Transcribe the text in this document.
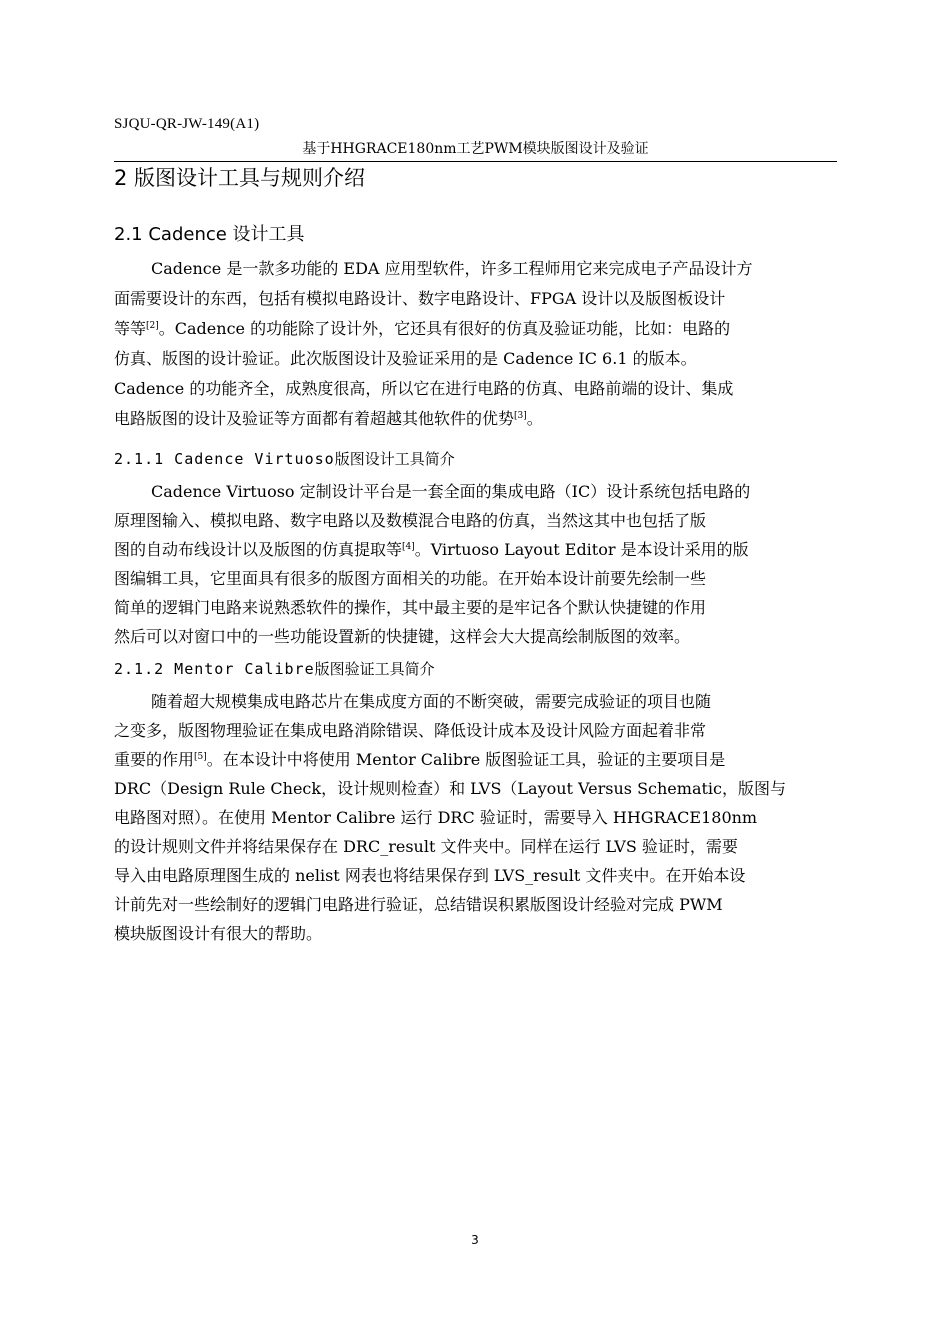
SJQU-QR-JW-149(A1)
基于HHGRACE180nm工艺PWM模块版图设计及验证
2 版图设计工具与规则介绍
2.1 Cadence 设计工具
Cadence 是一款多功能的 EDA 应用型软件，许多工程师用它来完成电子产品设计方
面需要设计的东西，包括有模拟电路设计、数字电路设计、FPGA 设计以及版图板设计
等等[2]。Cadence 的功能除了设计外，它还具有很好的仿真及验证功能，比如：电路的
仿真、版图的设计验证。此次版图设计及验证采用的是 Cadence IC 6.1 的版本。
Cadence 的功能齐全，成熟度很高，所以它在进行电路的仿真、电路前端的设计、集成
电路版图的设计及验证等方面都有着超越其他软件的优势[3]。
2.1.1 Cadence Virtuoso版图设计工具简介
Cadence Virtuoso 定制设计平台是一套全面的集成电路（IC）设计系统包括电路的
原理图输入、模拟电路、数字电路以及数模混合电路的仿真，当然这其中也包括了版
图的自动布线设计以及版图的仿真提取等[4]。Virtuoso Layout Editor 是本设计采用的版
图编辑工具，它里面具有很多的版图方面相关的功能。在开始本设计前要先绘制一些
简单的逻辑门电路来说熟悉软件的操作，其中最主要的是牢记各个默认快捷键的作用
然后可以对窗口中的一些功能设置新的快捷键，这样会大大提高绘制版图的效率。
2.1.2 Mentor Calibre版图验证工具简介
随着超大规模集成电路芯片在集成度方面的不断突破，需要完成验证的项目也随
之变多，版图物理验证在集成电路消除错误、降低设计成本及设计风险方面起着非常
重要的作用[5]。在本设计中将使用 Mentor Calibre 版图验证工具，验证的主要项目是
DRC（Design Rule Check，设计规则检查）和 LVS（Layout Versus Schematic，版图与
电路图对照）。在使用 Mentor Calibre 运行 DRC 验证时，需要导入 HHGRACE180nm
的设计规则文件并将结果保存在 DRC_result 文件夹中。同样在运行 LVS 验证时，需要
导入由电路原理图生成的 nelist 网表也将结果保存到 LVS_result 文件夹中。在开始本设
计前先对一些绘制好的逻辑门电路进行验证，总结错误积累版图设计经验对完成 PWM
模块版图设计有很大的帮助。
3
